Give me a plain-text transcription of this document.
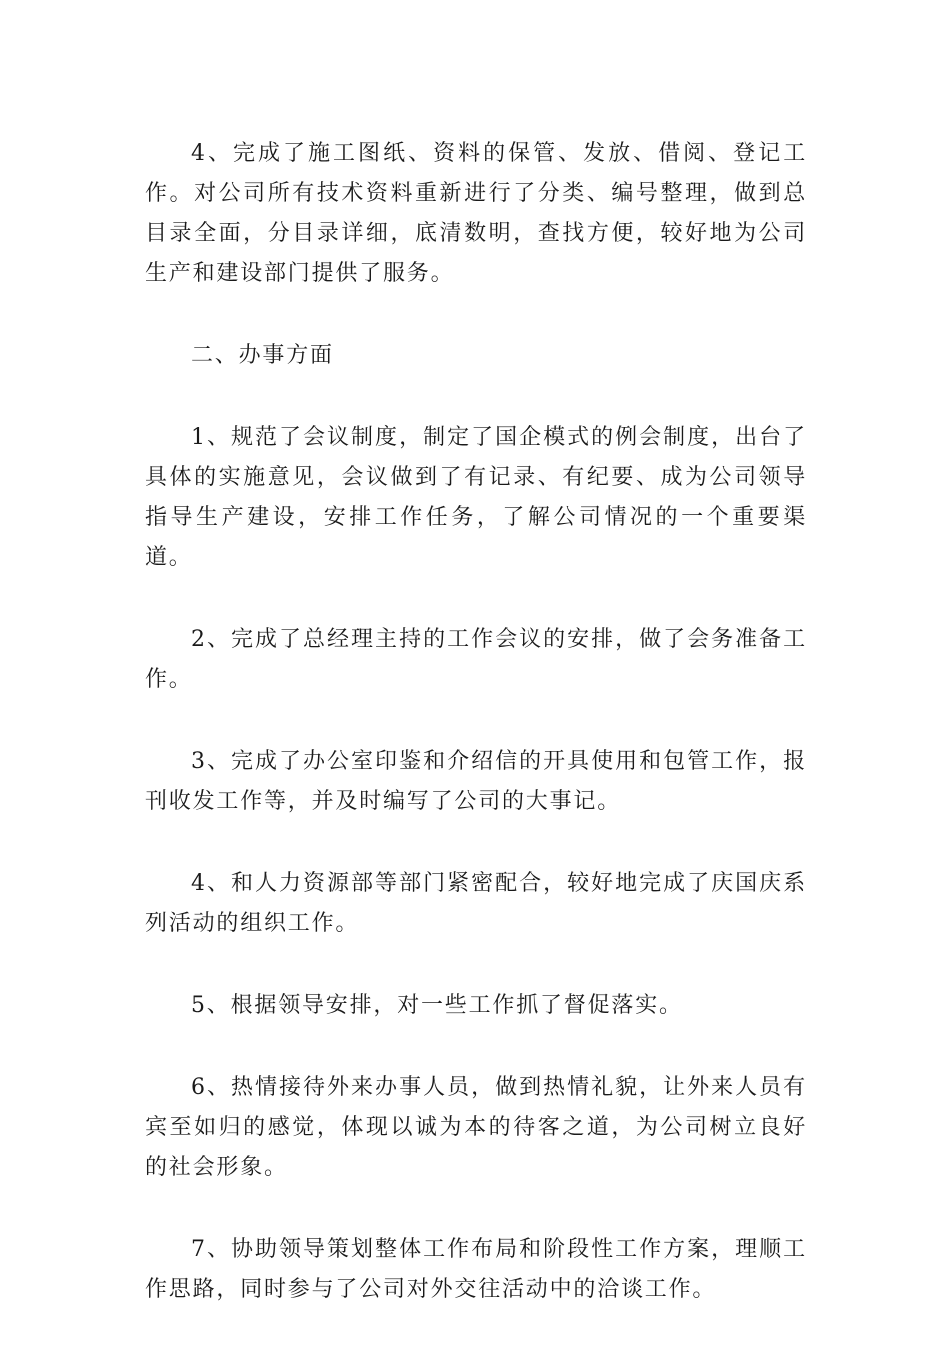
4、完成了施工图纸、资料的保管、发放、借阅、登记工作。对公司所有技术资料重新进行了分类、编号整理，做到总目录全面，分目录详细，底清数明，查找方便，较好地为公司生产和建设部门提供了服务。

二、办事方面

1、规范了会议制度，制定了国企模式的例会制度，出台了具体的实施意见，会议做到了有记录、有纪要、成为公司领导指导生产建设，安排工作任务，了解公司情况的一个重要渠道。

2、完成了总经理主持的工作会议的安排，做了会务准备工作。

3、完成了办公室印鉴和介绍信的开具使用和包管工作，报刊收发工作等，并及时编写了公司的大事记。

4、和人力资源部等部门紧密配合，较好地完成了庆国庆系列活动的组织工作。

5、根据领导安排，对一些工作抓了督促落实。

6、热情接待外来办事人员，做到热情礼貌，让外来人员有宾至如归的感觉，体现以诚为本的待客之道，为公司树立良好的社会形象。

7、协助领导策划整体工作布局和阶段性工作方案，理顺工作思路，同时参与了公司对外交往活动中的洽谈工作。
